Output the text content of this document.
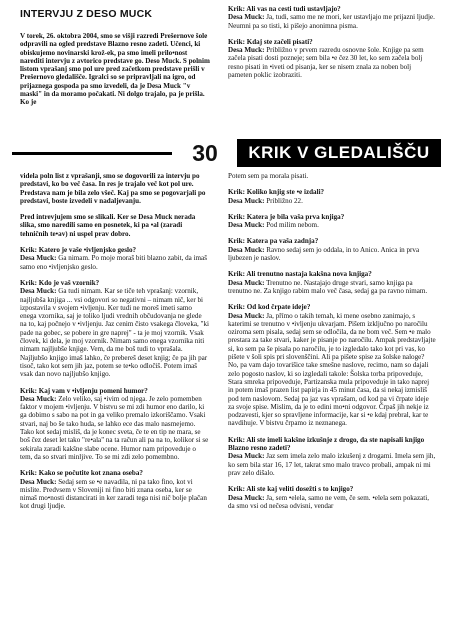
INTERVJU Z DESO MUCK

V torek, 26. oktobra 2004, smo se višji razredi Prešernove šole odpravili na ogled predstave Blazno resno zadeti. Učenci, ki obiskujemo novinarski krož-ek, pa smo imeli prilo•nost narediti intervju z avtorico predstave go. Deso Muck. S polnim listom vprašanj smo pol ure pred začetkom predstave prišli v Prešernovo gledališče. Igralci so se pripravljali na igro, od prijaznega gospoda pa smo izvedeli, da je Desa Muck "v maski" in da moramo počakati. Ni dolgo trajalo, pa je prišla. Ko je

Krik: Ali vas na cesti tudi ustavljajo?

Desa Muck: Ja, tudi, samo me ne mori, ker ustavljajo me prijazni ljudje. Neumni pa so tisti, ki pišejo anonimna pisma.

Krik: Kdaj ste začeli pisati?

Desa Muck: Približno v prvem razredu osnovne šole. Knjige pa sem začela pisati dosti pozneje; sem bila •e čez 30 let, ko sem začela bolj resno pisati in •iveti od pisanja, ker se nisem znala za noben bolj pameten poklic izobraziti.

30	KRIK V GLEDALIŠČU

videla poln list z vprašanji, smo se dogovorili za intervju po predstavi, ko bo več časa. In res je trajalo več kot pol ure.

Predstava nam je bila zelo všeč. Kaj pa smo se pogovarjali po predstavi, boste izvedeli v nadaljevanju.

Pred intrevjujem smo se slikali. Ker se Desa Muck nerada slika, smo naredili samo en posnetek, ki pa •al (zaradi tehničnih te•av) ni uspel prav dobro.

Krik: Katero je vaše •ivljenjsko geslo?

Desa Muck: Ga nimam. Po moje moraš biti blazno zabit, da imaš samo eno •ivljenjsko geslo.

Krik: Kdo je vaš vzornik?

Desa Muck: Ga tudi nimam. Kar se tiče teh vprašanj: vzornik, najljubša knjiga ... vsi odgovori so negativni – nimam nič, ker bi izpostavila v svojem •ivljenju. Ker tudi ne moreš imeti samo enega vzornika, saj je toliko ljudi vrednih občudovanja ne glede na to, kaj počnejo v •ivljenju. Jaz cenim čisto vsakega človeka, "ki pade na gobec, se pobere in gre naprej" - ta je moj vzornik. Vsak človek, ki dela, je moj vzornik. Nimam samo enega vzornika niti nimam najljubše knjige. Vem, da me boš tudi to vprašala. Najljubšo knjigo imaš lahko, če prebereš deset knjig; če pa jih par tisoč, tako kot sem jih jaz, potem se te•ko odločiš. Potem imaš vsak dan novo najljubšo knjigo.

Krik: Kaj vam v •ivljenju pomeni humor?

Desa Muck: Zelo veliko, saj •ivim od njega. Je zelo pomemben faktor v mojem •ivljenju. V bistvu se mi zdi humor eno darilo, ki ga dobimo s sabo na pot in ga veliko premalo izkoriščamo. Vsaki stvari, naj bo še tako huda, se lahko ece das malo nasmejemo. Tako kot sedaj misliš, da je konec sveta, če te en tip ne mara, se boš čez deset let tako "re•ala" na ta račun ali pa na to, kolikor si se sekirala zaradi kakšne slabe ocene. Humor nam pripoveduje o tem, da so stvari minljive. To se mi zdi zelo pomembno.

Krik: Kako se počutite kot znana oseba?

Desa Muck: Sedaj sem se •e navadila, ni pa tako fino, kot vi mislite. Predvsem v Sloveniji ni fino biti znana oseba, ker se nimaš mo•nosti distancirati in ker zaradi tega nisi nič bolje plačan kot drugi ljudje.

Potem sem pa morala pisati.

Krik: Koliko knjig ste •e izdali?

Desa Muck: Približno 22.

Krik: Katera je bila vaša prva knjiga?

Desa Muck: Pod milim nebom.

Krik: Katera pa vaša zadnja?

Desa Muck: Ravno sedaj sem jo oddala, in to Anico. Anica in prva ljubezen je naslov.

Krik: Ali trenutno nastaja kakšna nova knjiga?

Desa Muck: Trenutno ne. Nastajajo druge stvari, samo knjiga pa trenutno ne. Za knjigo rabim malo več časa, sedaj ga pa ravno nimam.

Krik: Od kod črpate ideje?

Desa Muck: Ja, přímo o takih temah, ki mene osebno zanimajo, s katerimi se trenutno v •ivljenju ukvarjam. Pišem izključno po naročilu oziroma sem pisala, sedaj sem se odločila, da ne bom več. Sem •e malo prestara za take stvari, kaker je pisanje po naročilu. Ampak predstavljajte si, ko sem pa še pisala po naročilu, je to izgledalo tako kot pri vas, ko pišete v šoli spis pri slovenščini. Ali pa pišete spise za šolske naloge? No, pa vam dajo tovarišice take smešne naslove, recimo, nam so dajali zelo pogosto naslov, ki so izgledali takole: Šolska torba pripoveduje, Stara smreka pripoveduje, Partizanska mula pripoveduje in tako naprej in potem imaš prazen list papirja in 45 minut časa, da si nekaj izmisliš pod tem naslovom. Sedaj pa jaz vas vprašam, od kod pa vi črpate ideje za svoje spise. Mislim, da je to edini mo•ni odgovor. Črpaš jih nekje iz podzavesti, kjer so spravljene informacije, kar si •e kdaj prebral, kar te navdihuje. V bistvu črpamo iz neznanega.

Krik: Ali ste imeli kakšne izkušnje z drogo, da ste napisali knjigo Blazno resno zadeti?

Desa Muck: Jaz sem imela zelo malo izkušenj z drogami. Imela sem jih, ko sem bila star 16, 17 let, takrat smo malo travco probali, ampak ni mi prav zelo dišalo.

Krik: Ali ste kaj veliti dosežti s to knjigo?

Desa Muck: Ja, sem •elela, samo ne vem, če sem. •elela sem pokazati, da smo vsi od nečesa odvisni, vendar
